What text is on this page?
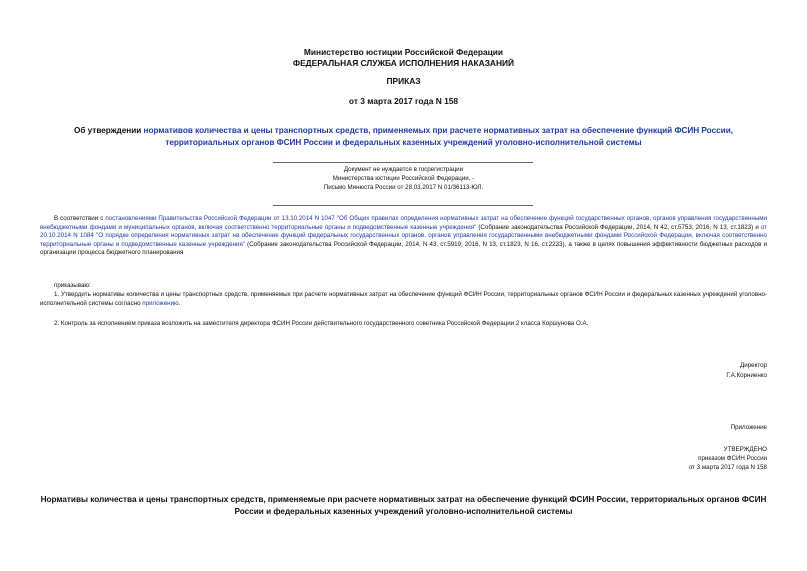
Министерство юстиции Российской Федерации
ФЕДЕРАЛЬНАЯ СЛУЖБА ИСПОЛНЕНИЯ НАКАЗАНИЙ
ПРИКАЗ
от 3 марта 2017 года N 158
Об утверждении нормативов количества и цены транспортных средств, применяемых при расчете нормативных затрат на обеспечение функций ФСИН России, территориальных органов ФСИН России и федеральных казенных учреждений уголовно-исполнительной системы
Документ не нуждается в госрегистрации
Министерства юстиции Российской Федерации, -
Письмо Минюста России от 28.03.2017 N 01/36113-ЮЛ.
В соответствии с постановлениями Правительства Российской Федерации от 13.10.2014 N 1047 "Об Общих правилах определения нормативных затрат на обеспечение функций государственных органов, органов управления государственными внебюджетными фондами и муниципальных органов, включая соответственно территориальные органы и подведомственные казенные учреждения" (Собрание законодательства Российской Федерации, 2014, N 42, ст.5753; 2016, N 13, ст.1823) и от 20.10.2014 N 1084 "О порядке определения нормативных затрат на обеспечение функций федеральных государственных органов, органов управления государственными внебюджетными фондами Российской Федерации, включая соответственно территориальные органы и подведомственные казенные учреждения" (Собрание законодательства Российской Федерации, 2014, N 43, ст.5919; 2016, N 13, ст.1823, N 16, ст.2233), а также в целях повышения эффективности бюджетных расходов и организации процесса бюджетного планирования
приказываю:
1. Утвердить нормативы количества и цены транспортных средств, применяемых при расчете нормативных затрат на обеспечение функций ФСИН России, территориальных органов ФСИН России и федеральных казенных учреждений уголовно-исполнительной системы согласно приложению.
2. Контроль за исполнением приказа возложить на заместителя директора ФСИН России действительного государственного советника Российской Федерации 2 класса Коршунова О.А.
Директор
Г.А.Корниенко
Приложение
УТВЕРЖДЕНО
приказом ФСИН России
от 3 марта 2017 года N 158
Нормативы количества и цены транспортных средств, применяемые при расчете нормативных затрат на обеспечение функций ФСИН России, территориальных органов ФСИН России и федеральных казенных учреждений уголовно-исполнительной системы
